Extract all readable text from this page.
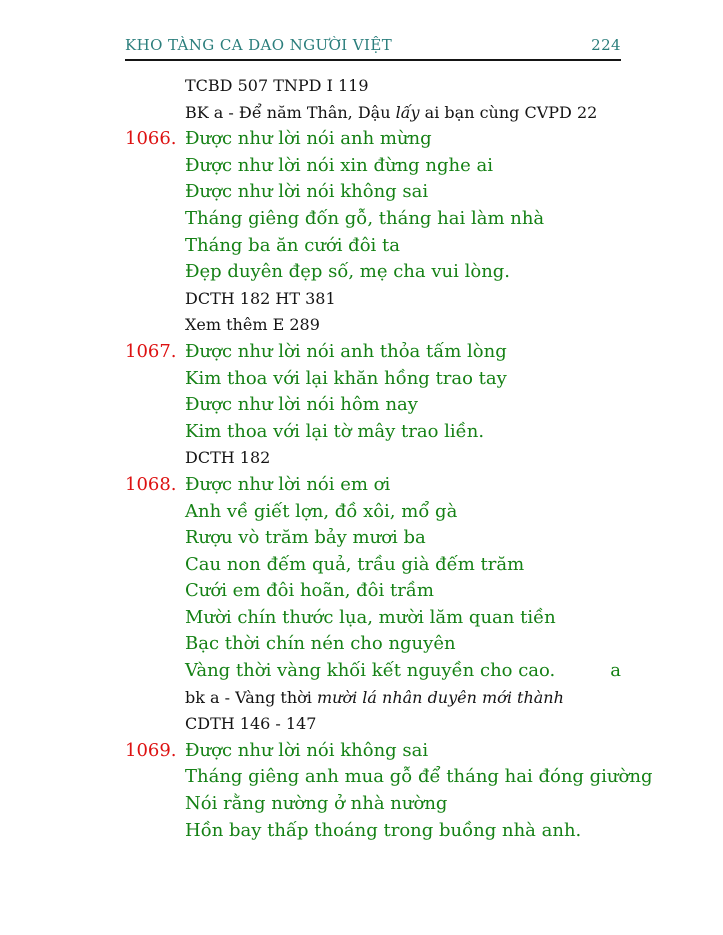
KHO TÀNG CA DAO NGƯỜI VIỆT	224
TCBD 507 TNPD I 119
BK a - Để năm Thân, Dậu lấy ai bạn cùng CVPD 22
1066. Được như lời nói anh mừng
Được như lời nói xin đừng nghe ai
Được như lời nói không sai
Tháng giêng đốn gỗ, tháng hai làm nhà
Tháng ba ăn cưới đôi ta
Đẹp duyên đẹp số, mẹ cha vui lòng.
DCTH 182 HT 381
Xem thêm E 289
1067. Được như lời nói anh thỏa tấm lòng
Kim thoa với lại khăn hồng trao tay
Được như lời nói hôm nay
Kim thoa với lại tờ mây trao liền.
DCTH 182
1068. Được như lời nói em ơi
Anh về giết lợn, đồ xôi, mổ gà
Rượu vò trăm bảy mươi ba
Cau non đếm quả, trầu già đếm trăm
Cưới em đôi hoãn, đôi trầm
Mười chín thước lụa, mười lăm quan tiền
Bạc thời chín nén cho nguyên
Vàng thời vàng khối kết nguyền cho cao.	a
bk a - Vàng thời mười lá nhân duyên mới thành
CDTH 146 - 147
1069. Được như lời nói không sai
Tháng giêng anh mua gỗ để tháng hai đóng giường
Nói rằng nường ở nhà nường
Hồn bay thấp thoáng trong buồng nhà anh.
